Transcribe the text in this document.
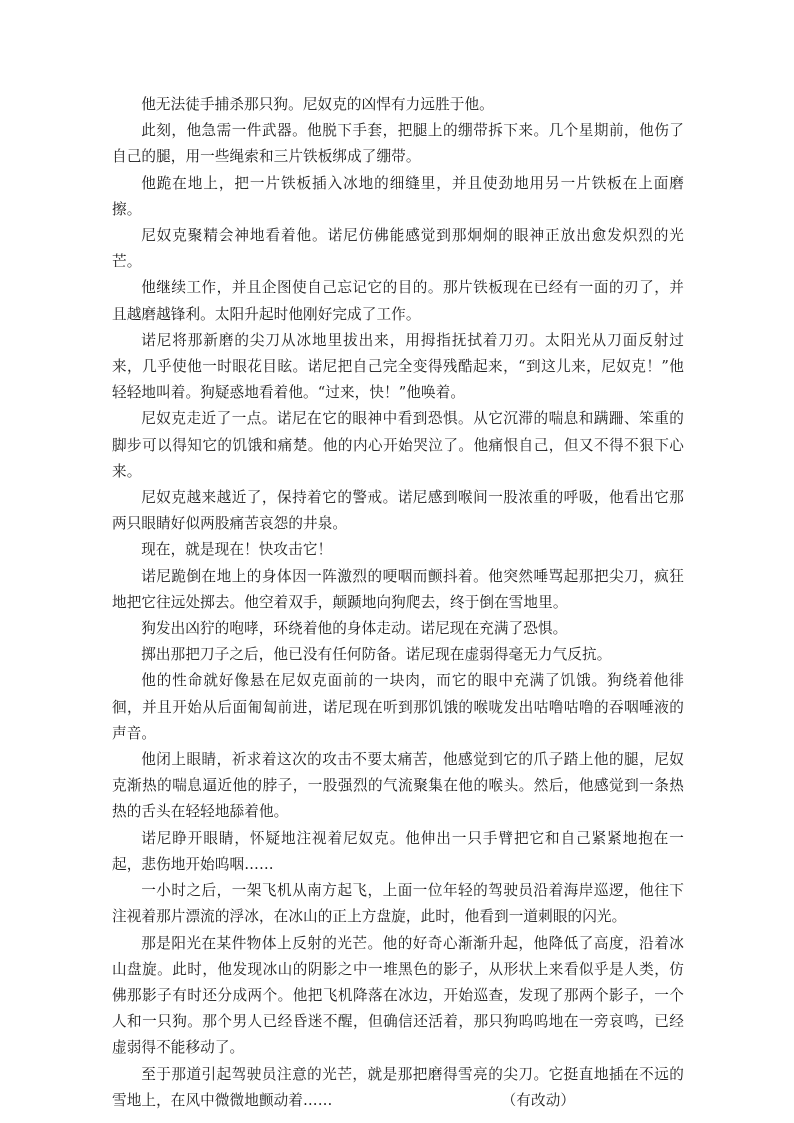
他无法徒手捕杀那只狗。尼奴克的凶悍有力远胜于他。

此刻，他急需一件武器。他脱下手套，把腿上的绷带拆下来。几个星期前，他伤了自己的腿，用一些绳索和三片铁板绑成了绷带。

他跪在地上，把一片铁板插入冰地的细缝里，并且使劲地用另一片铁板在上面磨擦。

尼奴克聚精会神地看着他。诺尼仿佛能感觉到那炯炯的眼神正放出愈发炽烈的光芒。

他继续工作，并且企图使自己忘记它的目的。那片铁板现在已经有一面的刃了，并且越磨越锋利。太阳升起时他刚好完成了工作。

诺尼将那新磨的尖刀从冰地里拔出来，用拇指抚拭着刀刃。太阳光从刀面反射过来，几乎使他一时眼花目眩。诺尼把自己完全变得残酷起来，“到这儿来，尼奴克！”他轻轻地叫着。狗疑惑地看着他。“过来，快！”他唤着。

尼奴克走近了一点。诺尼在它的眼神中看到恐惧。从它沉滞的喘息和蹒跚、笨重的脚步可以得知它的饥饿和痛楚。他的内心开始哭泣了。他痛恨自己，但又不得不狠下心来。

尼奴克越来越近了，保持着它的警戒。诺尼感到喉间一股浓重的呼吸，他看出它那两只眼睛好似两股痛苦哀怨的井泉。

现在，就是现在！快攻击它！

诺尼跪倒在地上的身体因一阵激烈的哽咽而颤抖着。他突然唾骂起那把尖刀，疯狂地把它往远处掷去。他空着双手，颠踬地向狗爬去，终于倒在雪地里。

狗发出凶狞的咆哮，环绕着他的身体走动。诺尼现在充满了恐惧。

掷出那把刀子之后，他已没有任何防备。诺尼现在虚弱得毫无力气反抗。

他的性命就好像悬在尼奴克面前的一块肉，而它的眼中充满了饥饿。狗绕着他徘徊，并且开始从后面匍匐前进，诺尼现在听到那饥饿的喉咙发出咕噜咕噜的吞咽唾液的声音。

他闭上眼睛，祈求着这次的攻击不要太痛苦，他感觉到它的爪子踏上他的腿，尼奴克渐热的喘息逼近他的脖子，一股强烈的气流聚集在他的喉头。然后，他感觉到一条热热的舌头在轻轻地舔着他。

诺尼睁开眼睛，怀疑地注视着尼奴克。他伸出一只手臂把它和自己紧紧地抱在一起，悲伤地开始呜咽……

一小时之后，一架飞机从南方起飞，上面一位年轻的驾驶员沿着海岸巡逻，他往下注视着那片漂流的浮冰，在冰山的正上方盘旋，此时，他看到一道刺眼的闪光。

那是阳光在某件物体上反射的光芒。他的好奇心渐渐升起，他降低了高度，沿着冰山盘旋。此时，他发现冰山的阴影之中一堆黑色的影子，从形状上来看似乎是人类，仿佛那影子有时还分成两个。他把飞机降落在冰边，开始巡查，发现了那两个影子，一个人和一只狗。那个男人已经昏迷不醒，但确信还活着，那只狗呜呜地在一旁哀鸣，已经虚弱得不能移动了。

至于那道引起驾驶员注意的光芒，就是那把磨得雪亮的尖刀。它挺直地插在不远的雪地上，在风中微微地颤动着……	（有改动）
